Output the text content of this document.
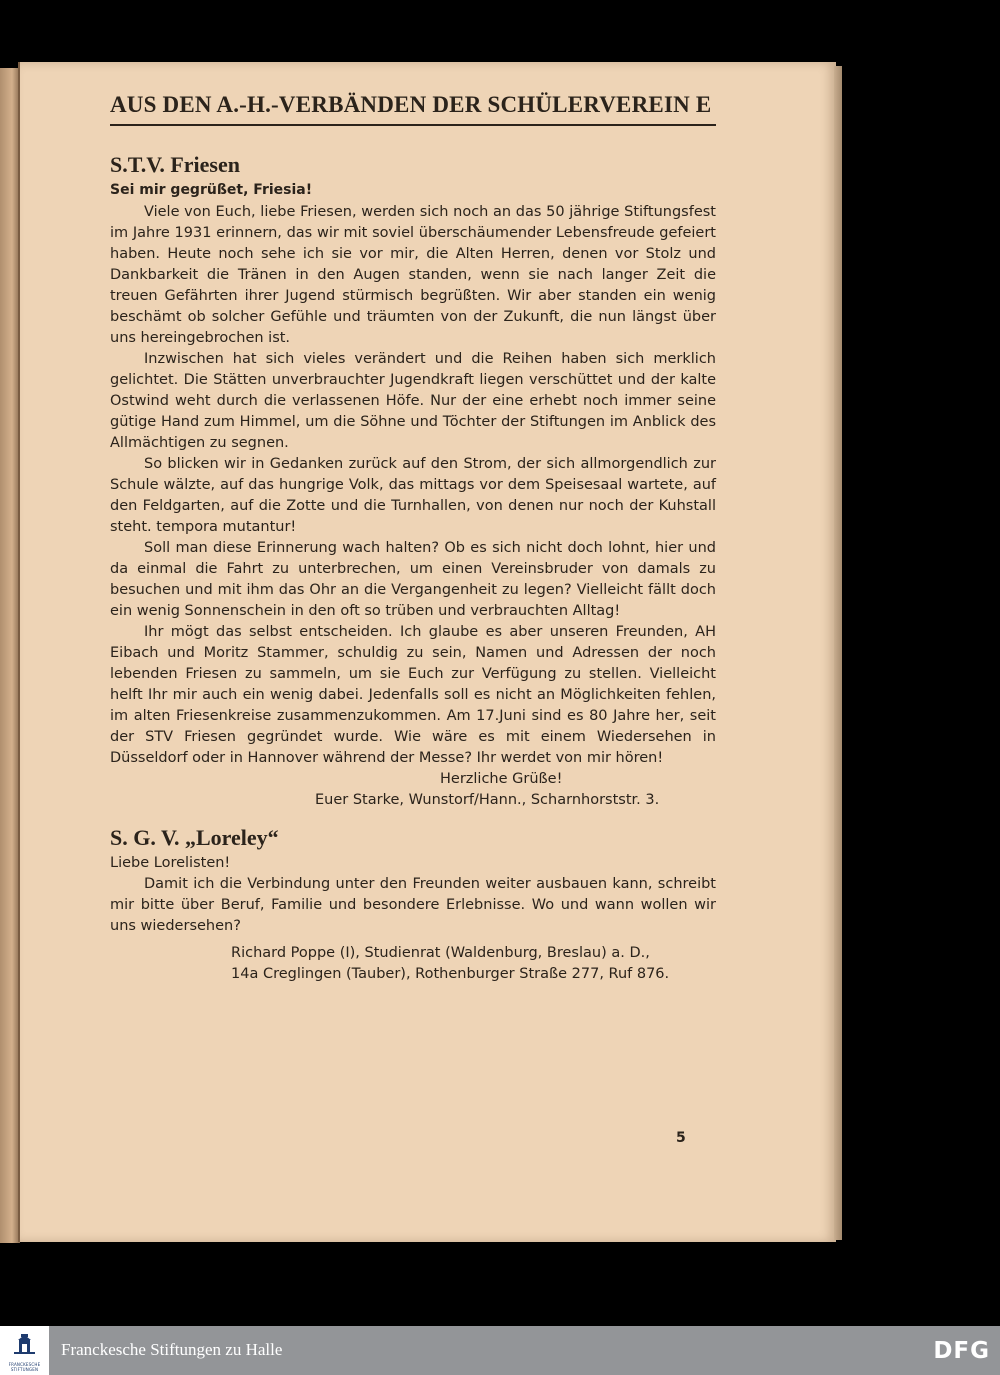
AUS DEN A.-H.-VERBÄNDEN DER SCHÜLERVEREIN E
S.T.V. Friesen

Sei mir gegrüßet, Friesia!

Viele von Euch, liebe Friesen, werden sich noch an das 50 jährige Stiftungsfest im Jahre 1931 erinnern, das wir mit soviel überschäumender Lebensfreude gefeiert haben. Heute noch sehe ich sie vor mir, die Alten Herren, denen vor Stolz und Dankbarkeit die Tränen in den Augen standen, wenn sie nach langer Zeit die treuen Gefährten ihrer Jugend stürmisch begrüßten. Wir aber standen ein wenig beschämt ob solcher Gefühle und träumten von der Zukunft, die nun längst über uns hereingebrochen ist.

Inzwischen hat sich vieles verändert und die Reihen haben sich merklich gelichtet. Die Stätten unverbrauchter Jugendkraft liegen verschüttet und der kalte Ostwind weht durch die verlassenen Höfe. Nur der eine erhebt noch immer seine gütige Hand zum Himmel, um die Söhne und Töchter der Stiftungen im Anblick des Allmächtigen zu segnen.

So blicken wir in Gedanken zurück auf den Strom, der sich allmorgendlich zur Schule wälzte, auf das hungrige Volk, das mittags vor dem Speisesaal wartete, auf den Feldgarten, auf die Zotte und die Turnhallen, von denen nur noch der Kuhstall steht. tempora mutantur!

Soll man diese Erinnerung wach halten? Ob es sich nicht doch lohnt, hier und da einmal die Fahrt zu unterbrechen, um einen Vereinsbruder von damals zu besuchen und mit ihm das Ohr an die Vergangenheit zu legen? Vielleicht fällt doch ein wenig Sonnenschein in den oft so trüben und verbrauchten Alltag!

Ihr mögt das selbst entscheiden. Ich glaube es aber unseren Freunden, AH Eibach und Moritz Stammer, schuldig zu sein, Namen und Adressen der noch lebenden Friesen zu sammeln, um sie Euch zur Verfügung zu stellen. Vielleicht helft Ihr mir auch ein wenig dabei. Jedenfalls soll es nicht an Möglichkeiten fehlen, im alten Friesenkreise zusammenzukommen. Am 17.Juni sind es 80 Jahre her, seit der STV Friesen gegründet wurde. Wie wäre es mit einem Wiedersehen in Düsseldorf oder in Hannover während der Messe? Ihr werdet von mir hören!

Herzliche Grüße!

Euer Starke, Wunstorf/Hann., Scharnhorststr. 3.

S. G. V. „Loreley“

Liebe Lorelisten!

Damit ich die Verbindung unter den Freunden weiter ausbauen kann, schreibt mir bitte über Beruf, Familie und besondere Erlebnisse. Wo und wann wollen wir uns wiedersehen?

Richard Poppe (I), Studienrat (Waldenburg, Breslau) a. D.,

14a Creglingen (Tauber), Rothenburger Straße 277, Ruf 876.

5
FRANCKESCHE
STIFTUNGEN
Franckesche Stiftungen zu Halle	DFG
